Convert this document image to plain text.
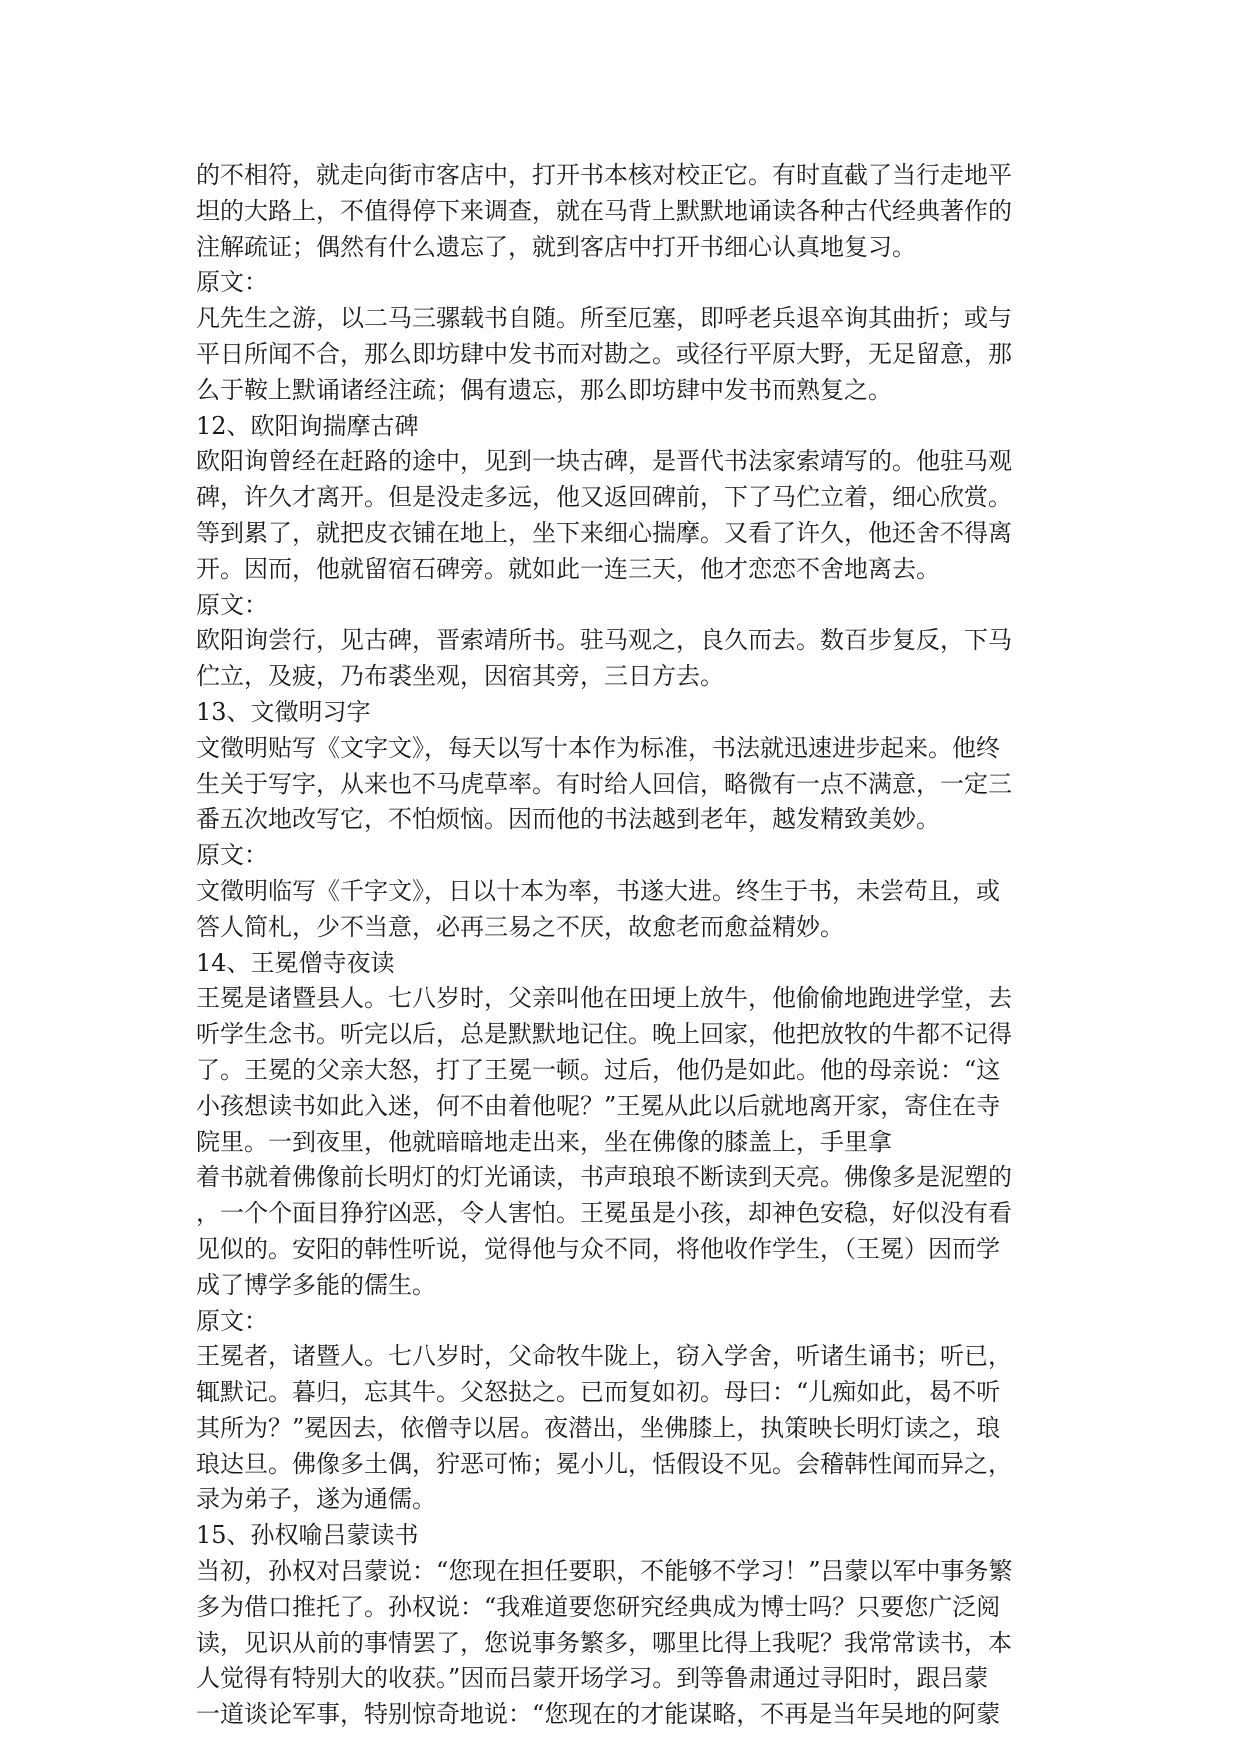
的不相符，就走向街市客店中，打开书本核对校正它。有时直截了当行走地平
坦的大路上，不值得停下来调查，就在马背上默默地诵读各种古代经典著作的
注解疏证；偶然有什么遗忘了，就到客店中打开书细心认真地复习。
原文：
凡先生之游，以二马三骡载书自随。所至厄塞，即呼老兵退卒询其曲折；或与
平日所闻不合，那么即坊肆中发书而对勘之。或径行平原大野，无足留意，那
么于鞍上默诵诸经注疏；偶有遗忘，那么即坊肆中发书而熟复之。
12、欧阳询揣摩古碑
欧阳询曾经在赶路的途中，见到一块古碑，是晋代书法家索靖写的。他驻马观
碑，许久才离开。但是没走多远，他又返回碑前，下了马伫立着，细心欣赏。
等到累了，就把皮衣铺在地上，坐下来细心揣摩。又看了许久，他还舍不得离
开。因而，他就留宿石碑旁。就如此一连三天，他才恋恋不舍地离去。
原文：
欧阳询尝行，见古碑，晋索靖所书。驻马观之，良久而去。数百步复反，下马
伫立，及疲，乃布裘坐观，因宿其旁，三日方去。
13、文徵明习字
文徵明贴写《文字文》，每天以写十本作为标准，书法就迅速进步起来。他终
生关于写字，从来也不马虎草率。有时给人回信，略微有一点不满意，一定三
番五次地改写它，不怕烦恼。因而他的书法越到老年，越发精致美妙。
原文：
文徵明临写《千字文》，日以十本为率，书遂大进。终生于书，未尝苟且，或
答人简札，少不当意，必再三易之不厌，故愈老而愈益精妙。
14、王冕僧寺夜读
王冕是诸暨县人。七八岁时，父亲叫他在田埂上放牛，他偷偷地跑进学堂，去
听学生念书。听完以后，总是默默地记住。晚上回家，他把放牧的牛都不记得
了。王冕的父亲大怒，打了王冕一顿。过后，他仍是如此。他的母亲说：“这
小孩想读书如此入迷，何不由着他呢？”王冕从此以后就地离开家，寄住在寺
院里。一到夜里，他就暗暗地走出来，坐在佛像的膝盖上，手里拿
着书就着佛像前长明灯的灯光诵读，书声琅琅不断读到天亮。佛像多是泥塑的
，一个个面目狰狞凶恶，令人害怕。王冕虽是小孩，却神色安稳，好似没有看
见似的。安阳的韩性听说，觉得他与众不同，将他收作学生，（王冕）因而学
成了博学多能的儒生。
原文：
王冕者，诸暨人。七八岁时，父命牧牛陇上，窃入学舍，听诸生诵书；听已，
辄默记。暮归，忘其牛。父怒挞之。已而复如初。母曰：“儿痴如此，曷不听
其所为？”冕因去，依僧寺以居。夜潜出，坐佛膝上，执策映长明灯读之，琅
琅达旦。佛像多土偶，狞恶可怖；冕小儿，恬假设不见。会稽韩性闻而异之，
录为弟子，遂为通儒。
15、孙权喻吕蒙读书
当初，孙权对吕蒙说：“您现在担任要职，不能够不学习！”吕蒙以军中事务繁
多为借口推托了。孙权说：“我难道要您研究经典成为博士吗？只要您广泛阅
读，见识从前的事情罢了，您说事务繁多，哪里比得上我呢？我常常读书，本
人觉得有特别大的收获。”因而吕蒙开场学习。到等鲁肃通过寻阳时，跟吕蒙
一道谈论军事，特别惊奇地说：“您现在的才能谋略，不再是当年吴地的阿蒙
